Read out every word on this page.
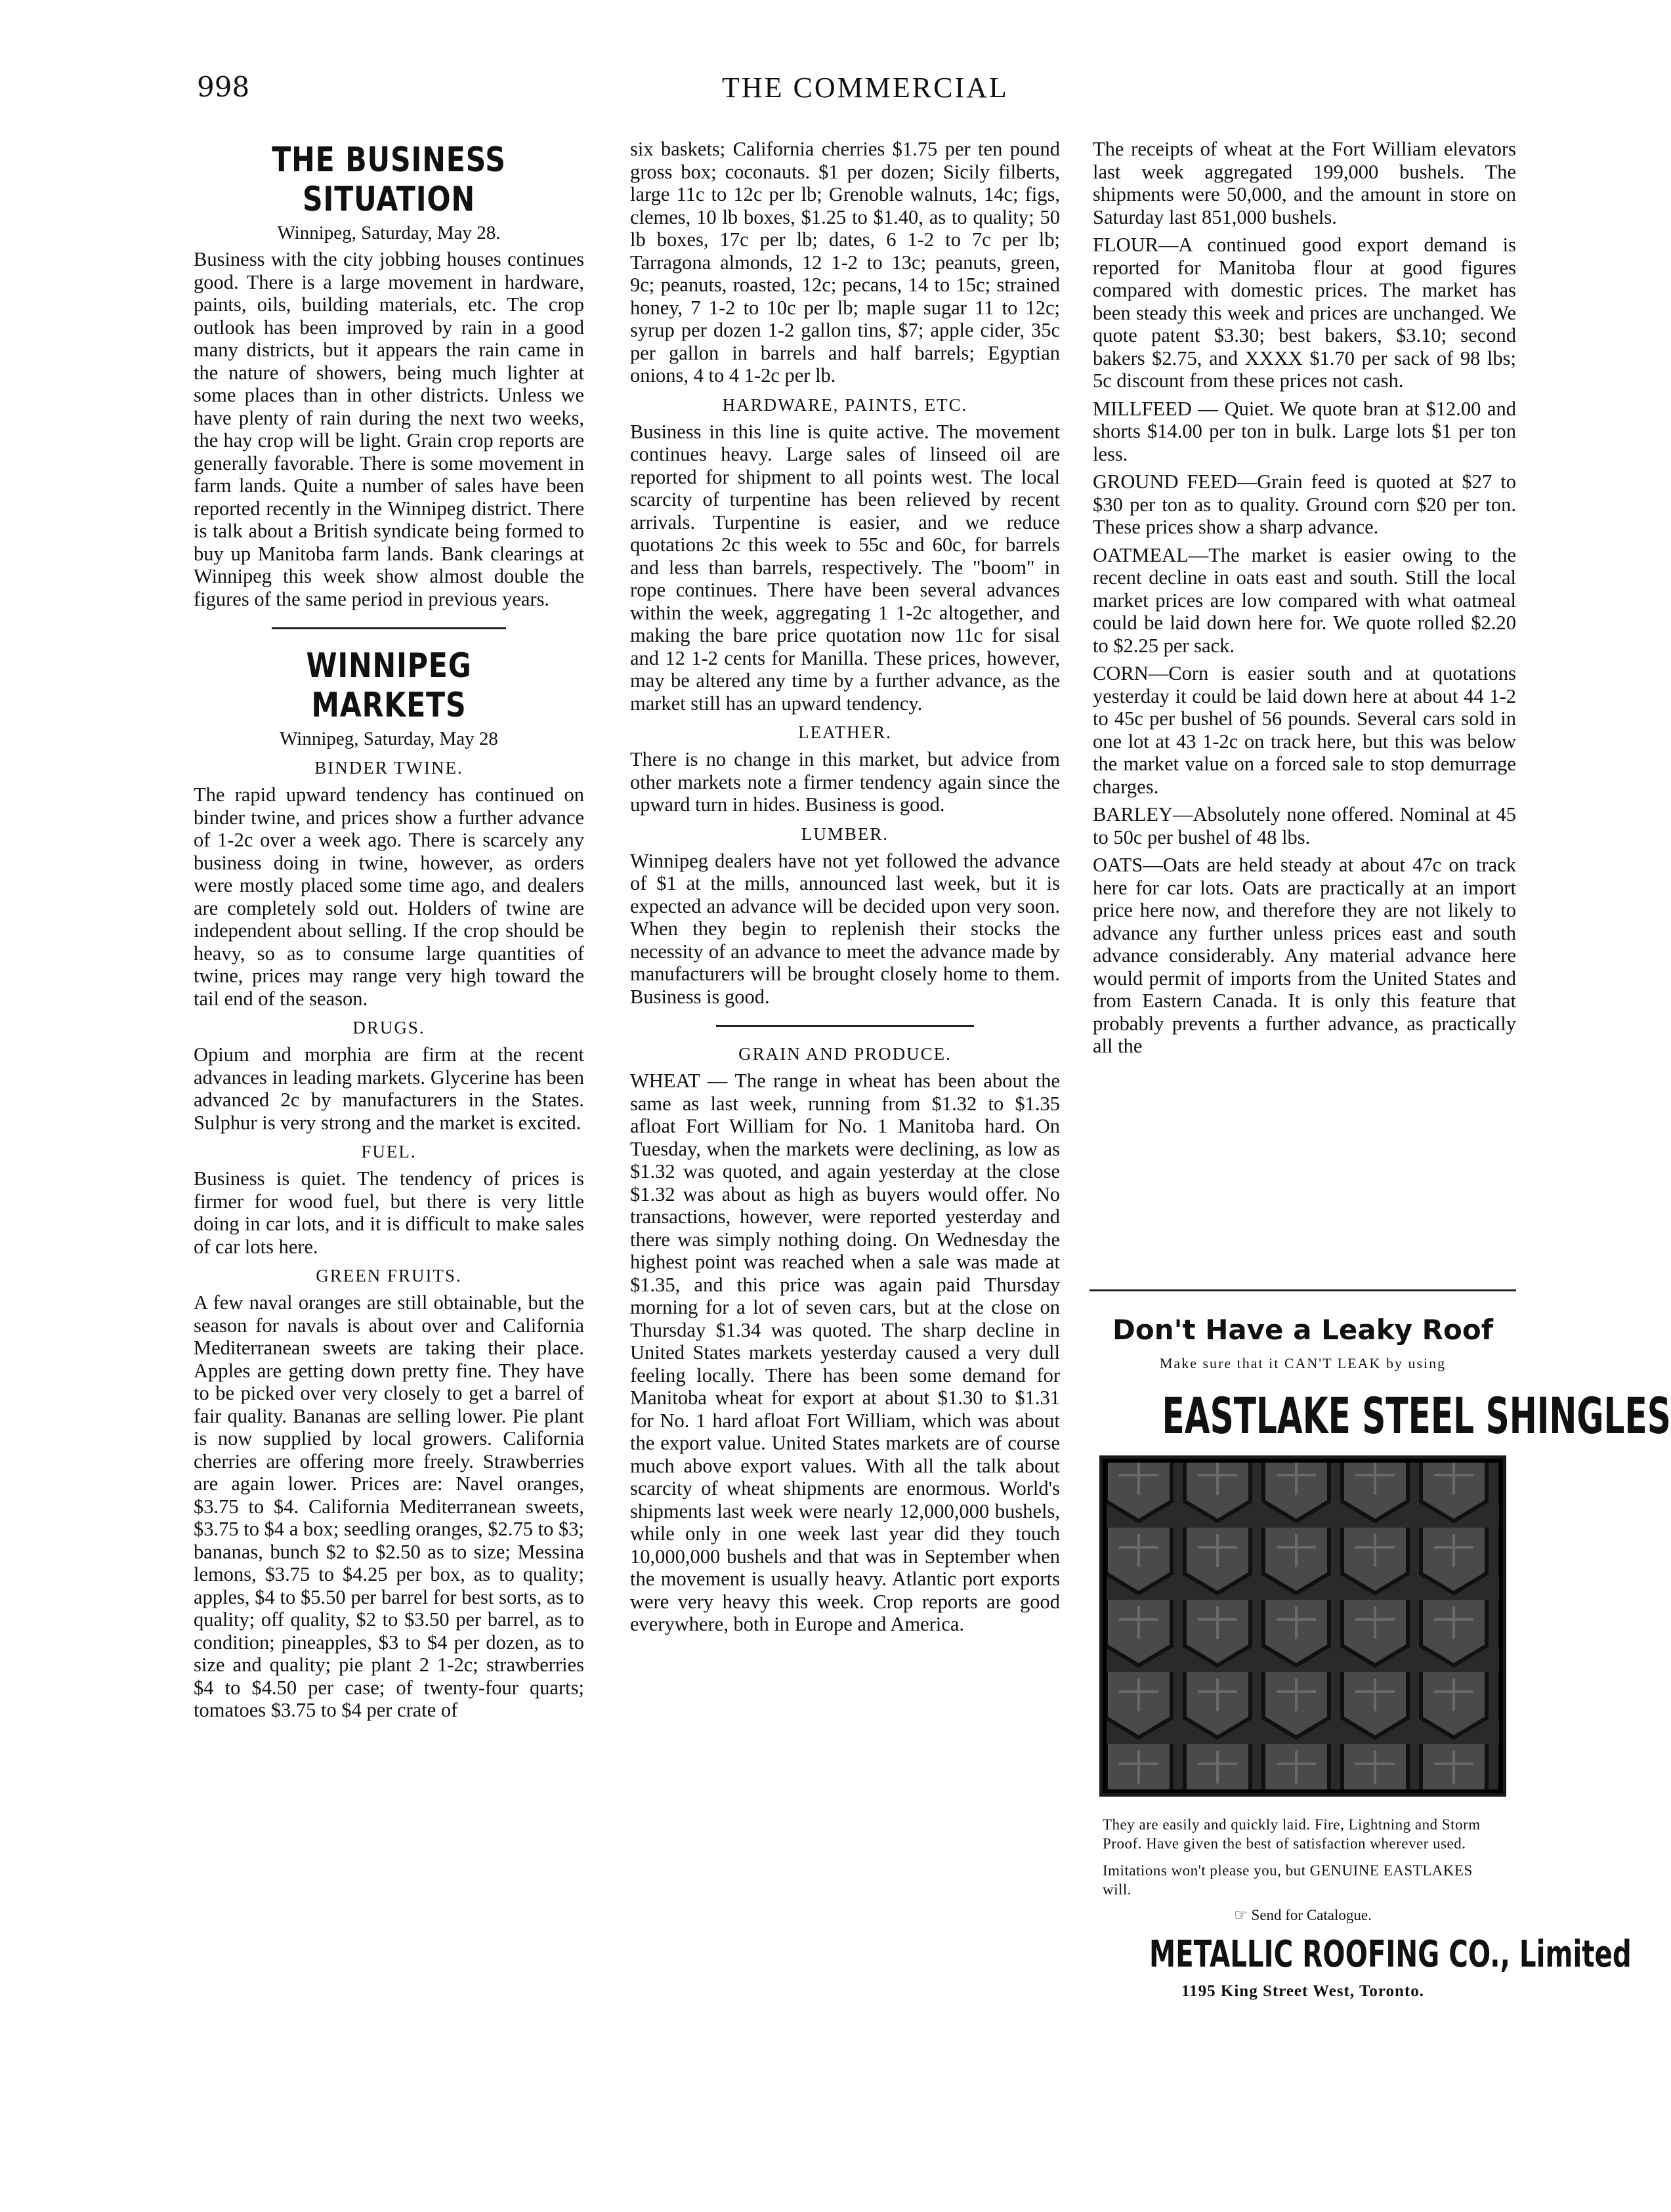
998	THE COMMERCIAL
THE BUSINESS SITUATION
Winnipeg, Saturday, May 28.

Business with the city jobbing houses continues good. There is a large movement in hardware, paints, oils, building materials, etc. The crop outlook has been improved by rain in a good many districts, but it appears the rain came in the nature of showers, being much lighter at some places than in other districts. Unless we have plenty of rain during the next two weeks, the hay crop will be light. Grain crop reports are generally favorable. There is some movement in farm lands. Quite a number of sales have been reported recently in the Winnipeg district. There is talk about a British syndicate being formed to buy up Manitoba farm lands. Bank clearings at Winnipeg this week show almost double the figures of the same period in previous years.

WINNIPEG MARKETS
Winnipeg, Saturday, May 28
BINDER TWINE.

The rapid upward tendency has continued on binder twine, and prices show a further advance of 1-2c over a week ago. There is scarcely any business doing in twine, however, as orders were mostly placed some time ago, and dealers are completely sold out. Holders of twine are independent about selling. If the crop should be heavy, so as to consume large quantities of twine, prices may range very high toward the tail end of the season.

DRUGS.

Opium and morphia are firm at the recent advances in leading markets. Glycerine has been advanced 2c by manufacturers in the States. Sulphur is very strong and the market is excited.

FUEL.

Business is quiet. The tendency of prices is firmer for wood fuel, but there is very little doing in car lots, and it is difficult to make sales of car lots here.

GREEN FRUITS.

A few naval oranges are still obtainable, but the season for navals is about over and California Mediterranean sweets are taking their place. Apples are getting down pretty fine. They have to be picked over very closely to get a barrel of fair quality. Bananas are selling lower. Pie plant is now supplied by local growers. California cherries are offering more freely. Strawberries are again lower. Prices are: Navel oranges, $3.75 to $4. California Mediterranean sweets, $3.75 to $4 a box; seedling oranges, $2.75 to $3; bananas, bunch $2 to $2.50 as to size; Messina lemons, $3.75 to $4.25 per box, as to quality; apples, $4 to $5.50 per barrel for best sorts, as to quality; off quality, $2 to $3.50 per barrel, as to condition; pineapples, $3 to $4 per dozen, as to size and quality; pie plant 2 1-2c; strawberries $4 to $4.50 per case; of twenty-four quarts; tomatoes $3.75 to $4 per crate of

six baskets; California cherries $1.75 per ten pound gross box; coconauts. $1 per dozen; Sicily filberts, large 11c to 12c per lb; Grenoble walnuts, 14c; figs, clemes, 10 lb boxes, $1.25 to $1.40, as to quality; 50 lb boxes, 17c per lb; dates, 6 1-2 to 7c per lb; Tarragona almonds, 12 1-2 to 13c; peanuts, green, 9c; peanuts, roasted, 12c; pecans, 14 to 15c; strained honey, 7 1-2 to 10c per lb; maple sugar 11 to 12c; syrup per dozen 1-2 gallon tins, $7; apple cider, 35c per gallon in barrels and half barrels; Egyptian onions, 4 to 4 1-2c per lb.

HARDWARE, PAINTS, ETC.

Business in this line is quite active. The movement continues heavy. Large sales of linseed oil are reported for shipment to all points west. The local scarcity of turpentine has been relieved by recent arrivals. Turpentine is easier, and we reduce quotations 2c this week to 55c and 60c, for barrels and less than barrels, respectively. The "boom" in rope continues. There have been several advances within the week, aggregating 1 1-2c altogether, and making the bare price quotation now 11c for sisal and 12 1-2 cents for Manilla. These prices, however, may be altered any time by a further advance, as the market still has an upward tendency.

LEATHER.

There is no change in this market, but advice from other markets note a firmer tendency again since the upward turn in hides. Business is good.

LUMBER.

Winnipeg dealers have not yet followed the advance of $1 at the mills, announced last week, but it is expected an advance will be decided upon very soon. When they begin to replenish their stocks the necessity of an advance to meet the advance made by manufacturers will be brought closely home to them. Business is good.

GRAIN AND PRODUCE.

WHEAT — The range in wheat has been about the same as last week, running from $1.32 to $1.35 afloat Fort William for No. 1 Manitoba hard. On Tuesday, when the markets were declining, as low as $1.32 was quoted, and again yesterday at the close $1.32 was about as high as buyers would offer. No transactions, however, were reported yesterday and there was simply nothing doing. On Wednesday the highest point was reached when a sale was made at $1.35, and this price was again paid Thursday morning for a lot of seven cars, but at the close on Thursday $1.34 was quoted. The sharp decline in United States markets yesterday caused a very dull feeling locally. There has been some demand for Manitoba wheat for export at about $1.30 to $1.31 for No. 1 hard afloat Fort William, which was about the export value. United States markets are of course much above export values. With all the talk about scarcity of wheat shipments are enormous. World's shipments last week were nearly 12,000,000 bushels, while only in one week last year did they touch 10,000,000 bushels and that was in September when the movement is usually heavy. Atlantic port exports were very heavy this week. Crop reports are good everywhere, both in Europe and America.

The receipts of wheat at the Fort William elevators last week aggregated 199,000 bushels. The shipments were 50,000, and the amount in store on Saturday last 851,000 bushels.

FLOUR—A continued good export demand is reported for Manitoba flour at good figures compared with domestic prices. The market has been steady this week and prices are unchanged. We quote patent $3.30; best bakers, $3.10; second bakers $2.75, and XXXX $1.70 per sack of 98 lbs; 5c discount from these prices not cash.

MILLFEED — Quiet. We quote bran at $12.00 and shorts $14.00 per ton in bulk. Large lots $1 per ton less.

GROUND FEED—Grain feed is quoted at $27 to $30 per ton as to quality. Ground corn $20 per ton. These prices show a sharp advance.

OATMEAL—The market is easier owing to the recent decline in oats east and south. Still the local market prices are low compared with what oatmeal could be laid down here for. We quote rolled $2.20 to $2.25 per sack.

CORN—Corn is easier south and at quotations yesterday it could be laid down here at about 44 1-2 to 45c per bushel of 56 pounds. Several cars sold in one lot at 43 1-2c on track here, but this was below the market value on a forced sale to stop demurrage charges.

BARLEY—Absolutely none offered. Nominal at 45 to 50c per bushel of 48 lbs.

OATS—Oats are held steady at about 47c on track here for car lots. Oats are practically at an import price here now, and therefore they are not likely to advance any further unless prices east and south advance considerably. Any material advance here would permit of imports from the United States and from Eastern Canada. It is only this feature that probably prevents a further advance, as practically all the

Don't Have a Leaky Roof
Make sure that it CAN'T LEAK by using
EASTLAKE STEEL SHINGLES
They are easily and quickly laid. Fire, Lightning and Storm Proof. Have given the best of satisfaction wherever used.
Imitations won't please you, but GENUINE EASTLAKES will.
☞ Send for Catalogue.
METALLIC ROOFING CO., Limited
1195 King Street West, Toronto.
